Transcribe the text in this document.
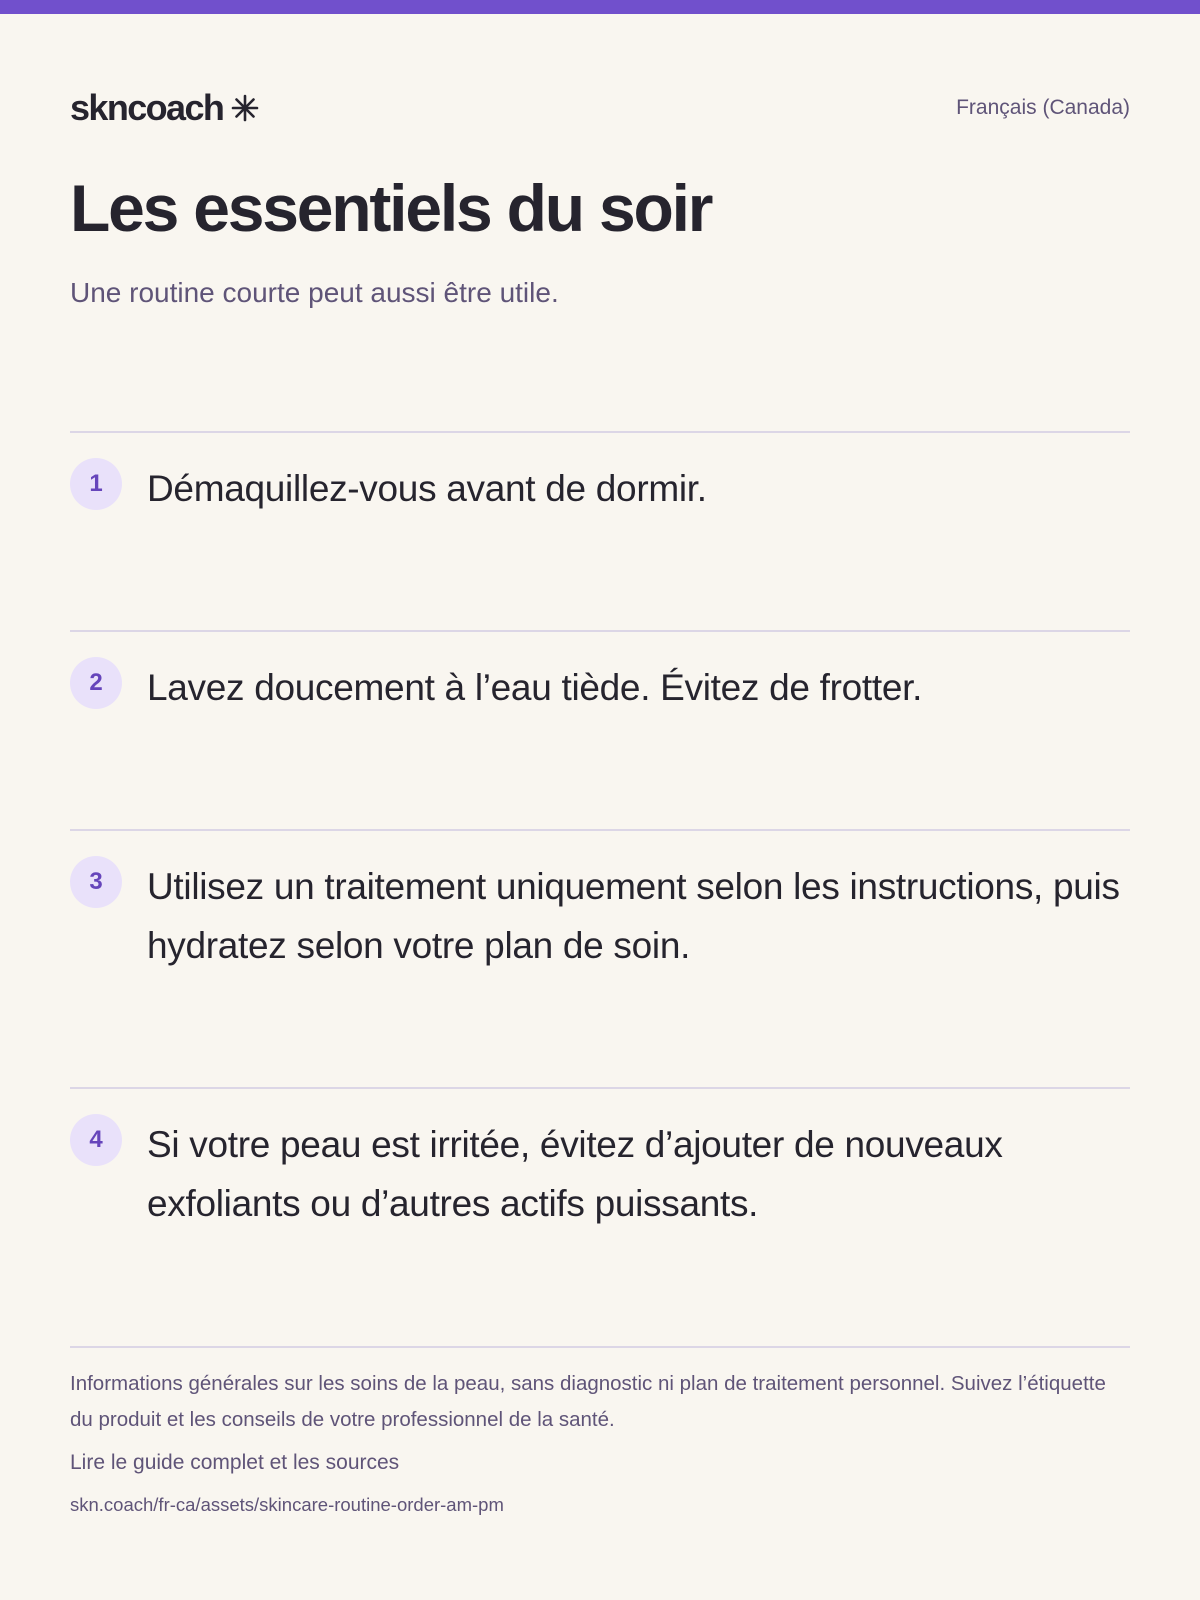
skncoach	Français (Canada)
Les essentiels du soir

Une routine courte peut aussi être utile.

1	Démaquillez-vous avant de dormir.

2	Lavez doucement à l’eau tiède. Évitez de frotter.

3	Utilisez un traitement uniquement selon les instructions, puis hydratez selon votre plan de soin.

4	Si votre peau est irritée, évitez d’ajouter de nouveaux exfoliants ou d’autres actifs puissants.

Informations générales sur les soins de la peau, sans diagnostic ni plan de traitement personnel. Suivez l’étiquette du produit et les conseils de votre professionnel de la santé.

Lire le guide complet et les sources

skn.coach/fr-ca/assets/skincare-routine-order-am-pm
